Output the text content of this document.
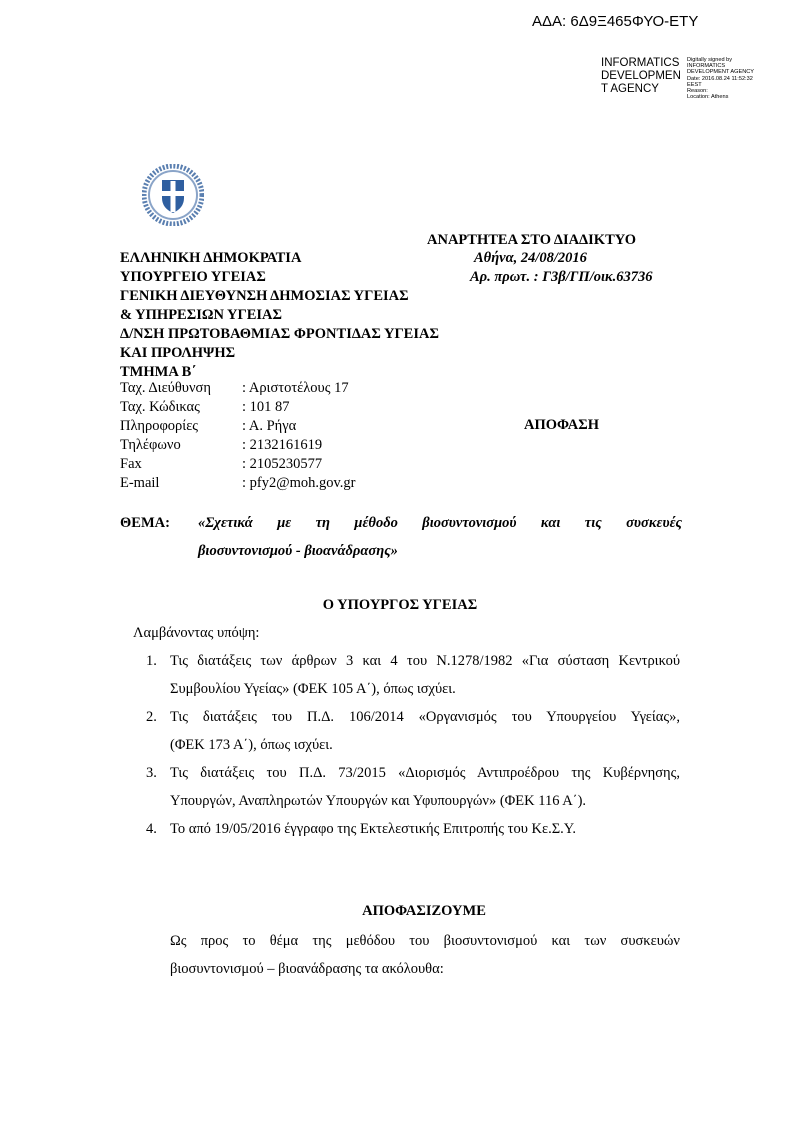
ΑΔΑ: 6Δ9Ξ465ΦΥΟ-ΕΤΥ
INFORMATICS
DEVELOPMEN
T AGENCY
Digitally signed by
INFORMATICS
DEVELOPMENT AGENCY
Date: 2016.08.24 11:52:32
EEST
Reason:
Location: Athens
ΑΝΑΡΤΗΤΕΑ ΣΤΟ ΔΙΑΔΙΚΤΥΟ
ΕΛΛΗΝΙΚΗ ΔΗΜΟΚΡΑΤΙΑ
ΥΠΟΥΡΓΕΙΟ ΥΓΕΙΑΣ
ΓΕΝΙΚΗ ΔΙΕΥΘΥΝΣΗ ΔΗΜΟΣΙΑΣ ΥΓΕΙΑΣ
& ΥΠΗΡΕΣΙΩΝ ΥΓΕΙΑΣ
Δ/ΝΣΗ ΠΡΩΤΟΒΑΘΜΙΑΣ ΦΡΟΝΤΙΔΑΣ ΥΓΕΙΑΣ
ΚΑΙ ΠΡΟΛΗΨΗΣ
ΤΜΗΜΑ Β΄
Αθήνα, 24/08/2016
Αρ. πρωτ. : Γ3β/ΓΠ/οικ.63736
Ταχ. Διεύθυνση	: Αριστοτέλους 17
Ταχ. Κώδικας	: 101 87
Πληροφορίες	: Α. Ρήγα
Τηλέφωνο	: 2132161619
Fax	: 2105230577
E-mail	: pfy2@moh.gov.gr
ΑΠΟΦΑΣΗ
ΘΕΜΑ: «Σχετικά με τη μέθοδο βιοσυντονισμού και τις συσκευές
βιοσυντονισμού - βιοανάδρασης»
Ο ΥΠΟΥΡΓΟΣ ΥΓΕΙΑΣ
Λαμβάνοντας υπόψη:
1. Τις διατάξεις των άρθρων 3 και 4 του Ν.1278/1982 «Για σύσταση Κεντρικού
Συμβουλίου Υγείας» (ΦΕΚ 105 Α΄), όπως ισχύει.
2. Τις διατάξεις του Π.Δ. 106/2014 «Οργανισμός του Υπουργείου Υγείας»,
(ΦΕΚ 173 Α΄), όπως ισχύει.
3. Τις διατάξεις του Π.Δ. 73/2015 «Διορισμός Αντιπροέδρου της Κυβέρνησης,
Υπουργών, Αναπληρωτών Υπουργών και Υφυπουργών» (ΦΕΚ 116 Α΄).
4. Το από 19/05/2016 έγγραφο της Εκτελεστικής Επιτροπής του Κε.Σ.Υ.
ΑΠΟΦΑΣΙΖΟΥΜΕ
Ως προς το θέμα της μεθόδου του βιοσυντονισμού και των συσκευών
βιοσυντονισμού – βιοανάδρασης τα ακόλουθα:
